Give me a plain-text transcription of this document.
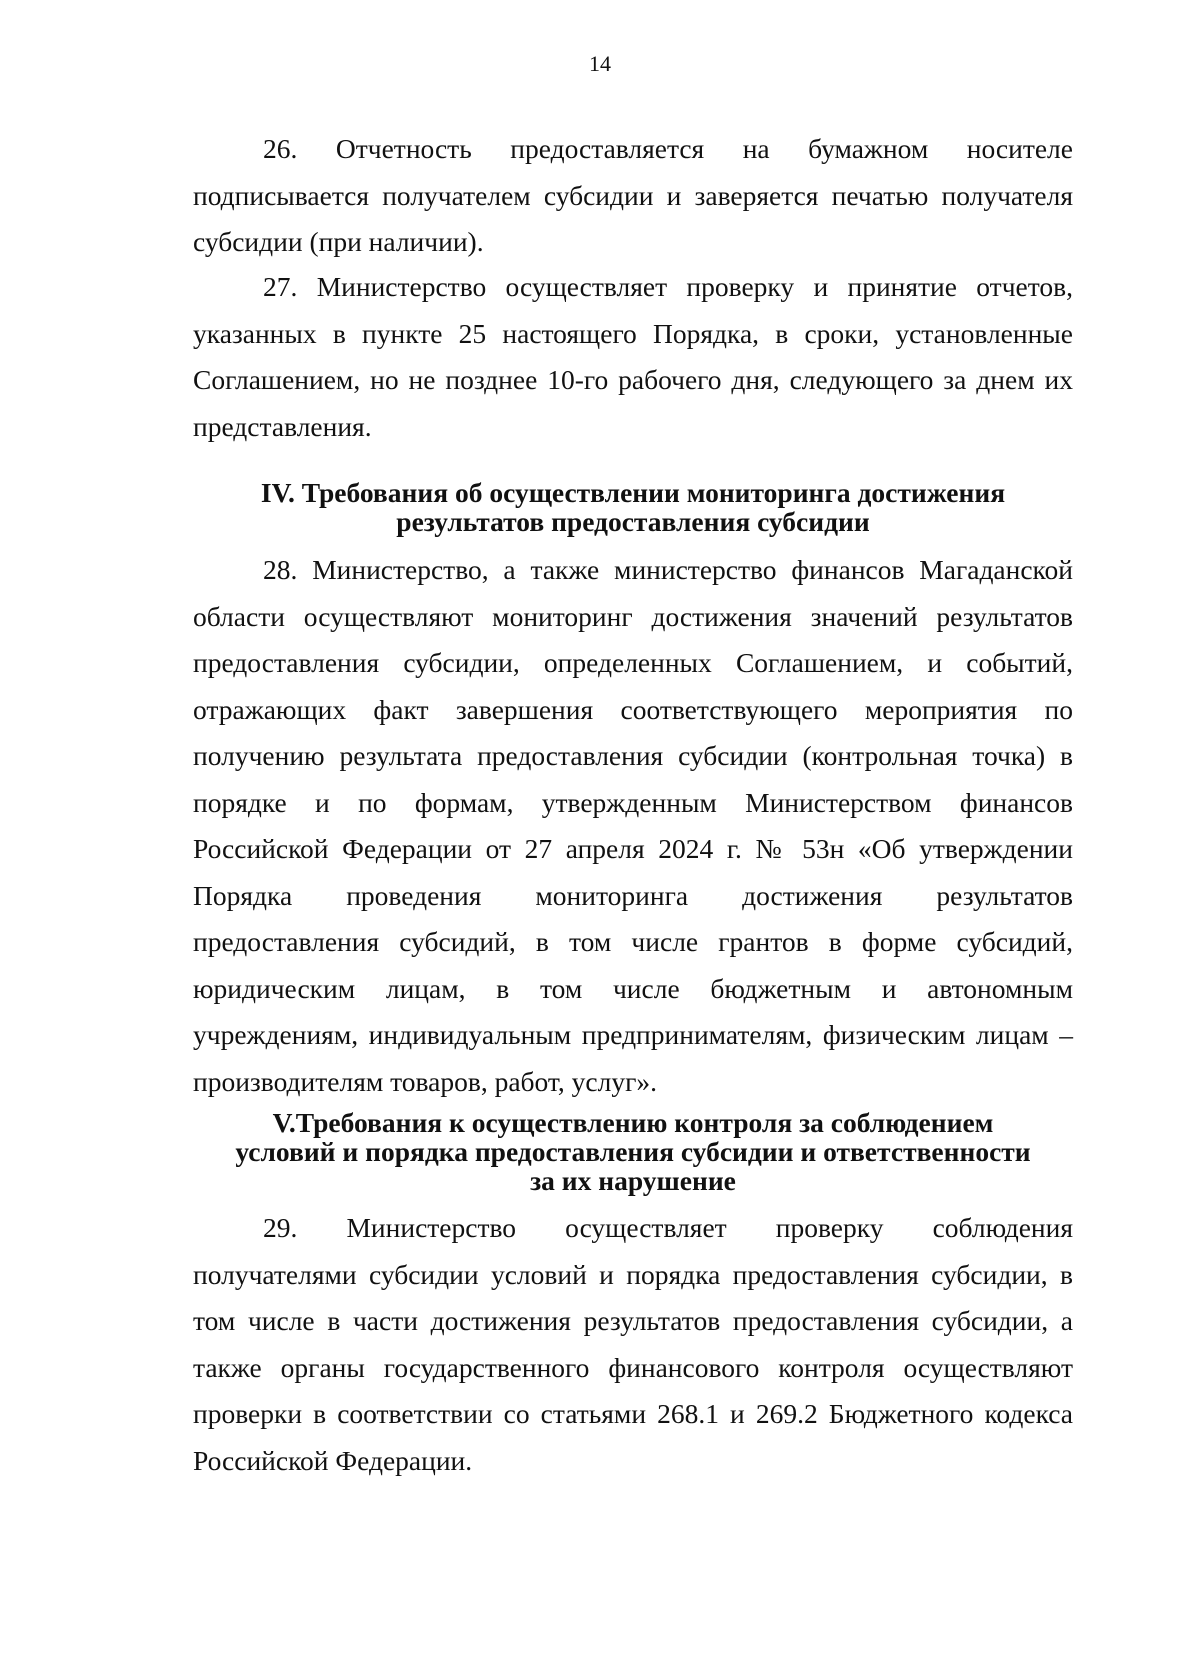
14
26. Отчетность предоставляется на бумажном носителе
подписывается получателем субсидии и заверяется печатью получателя
субсидии (при наличии).
27. Министерство осуществляет проверку и принятие отчетов,
указанных в пункте 25 настоящего Порядка, в сроки, установленные
Соглашением, но не позднее 10-го рабочего дня, следующего за днем их
представления.
IV. Требования об осуществлении мониторинга достижения
результатов предоставления субсидии
28. Министерство, а также министерство финансов Магаданской
области осуществляют мониторинг достижения значений результатов
предоставления субсидии, определенных Соглашением, и событий,
отражающих факт завершения соответствующего мероприятия по
получению результата предоставления субсидии (контрольная точка) в
порядке и по формам, утвержденным Министерством финансов
Российской Федерации от 27 апреля 2024 г. № 53н «Об утверждении
Порядка проведения мониторинга достижения результатов
предоставления субсидий, в том числе грантов в форме субсидий,
юридическим лицам, в том числе бюджетным и автономным
учреждениям, индивидуальным предпринимателям, физическим лицам –
производителям товаров, работ, услуг».
V.Требования к осуществлению контроля за соблюдением
условий и порядка предоставления субсидии и ответственности
за их нарушение
29. Министерство осуществляет проверку соблюдения
получателями субсидии условий и порядка предоставления субсидии, в
том числе в части достижения результатов предоставления субсидии, а
также органы государственного финансового контроля осуществляют
проверки в соответствии со статьями 268.1 и 269.2 Бюджетного кодекса
Российской Федерации.
